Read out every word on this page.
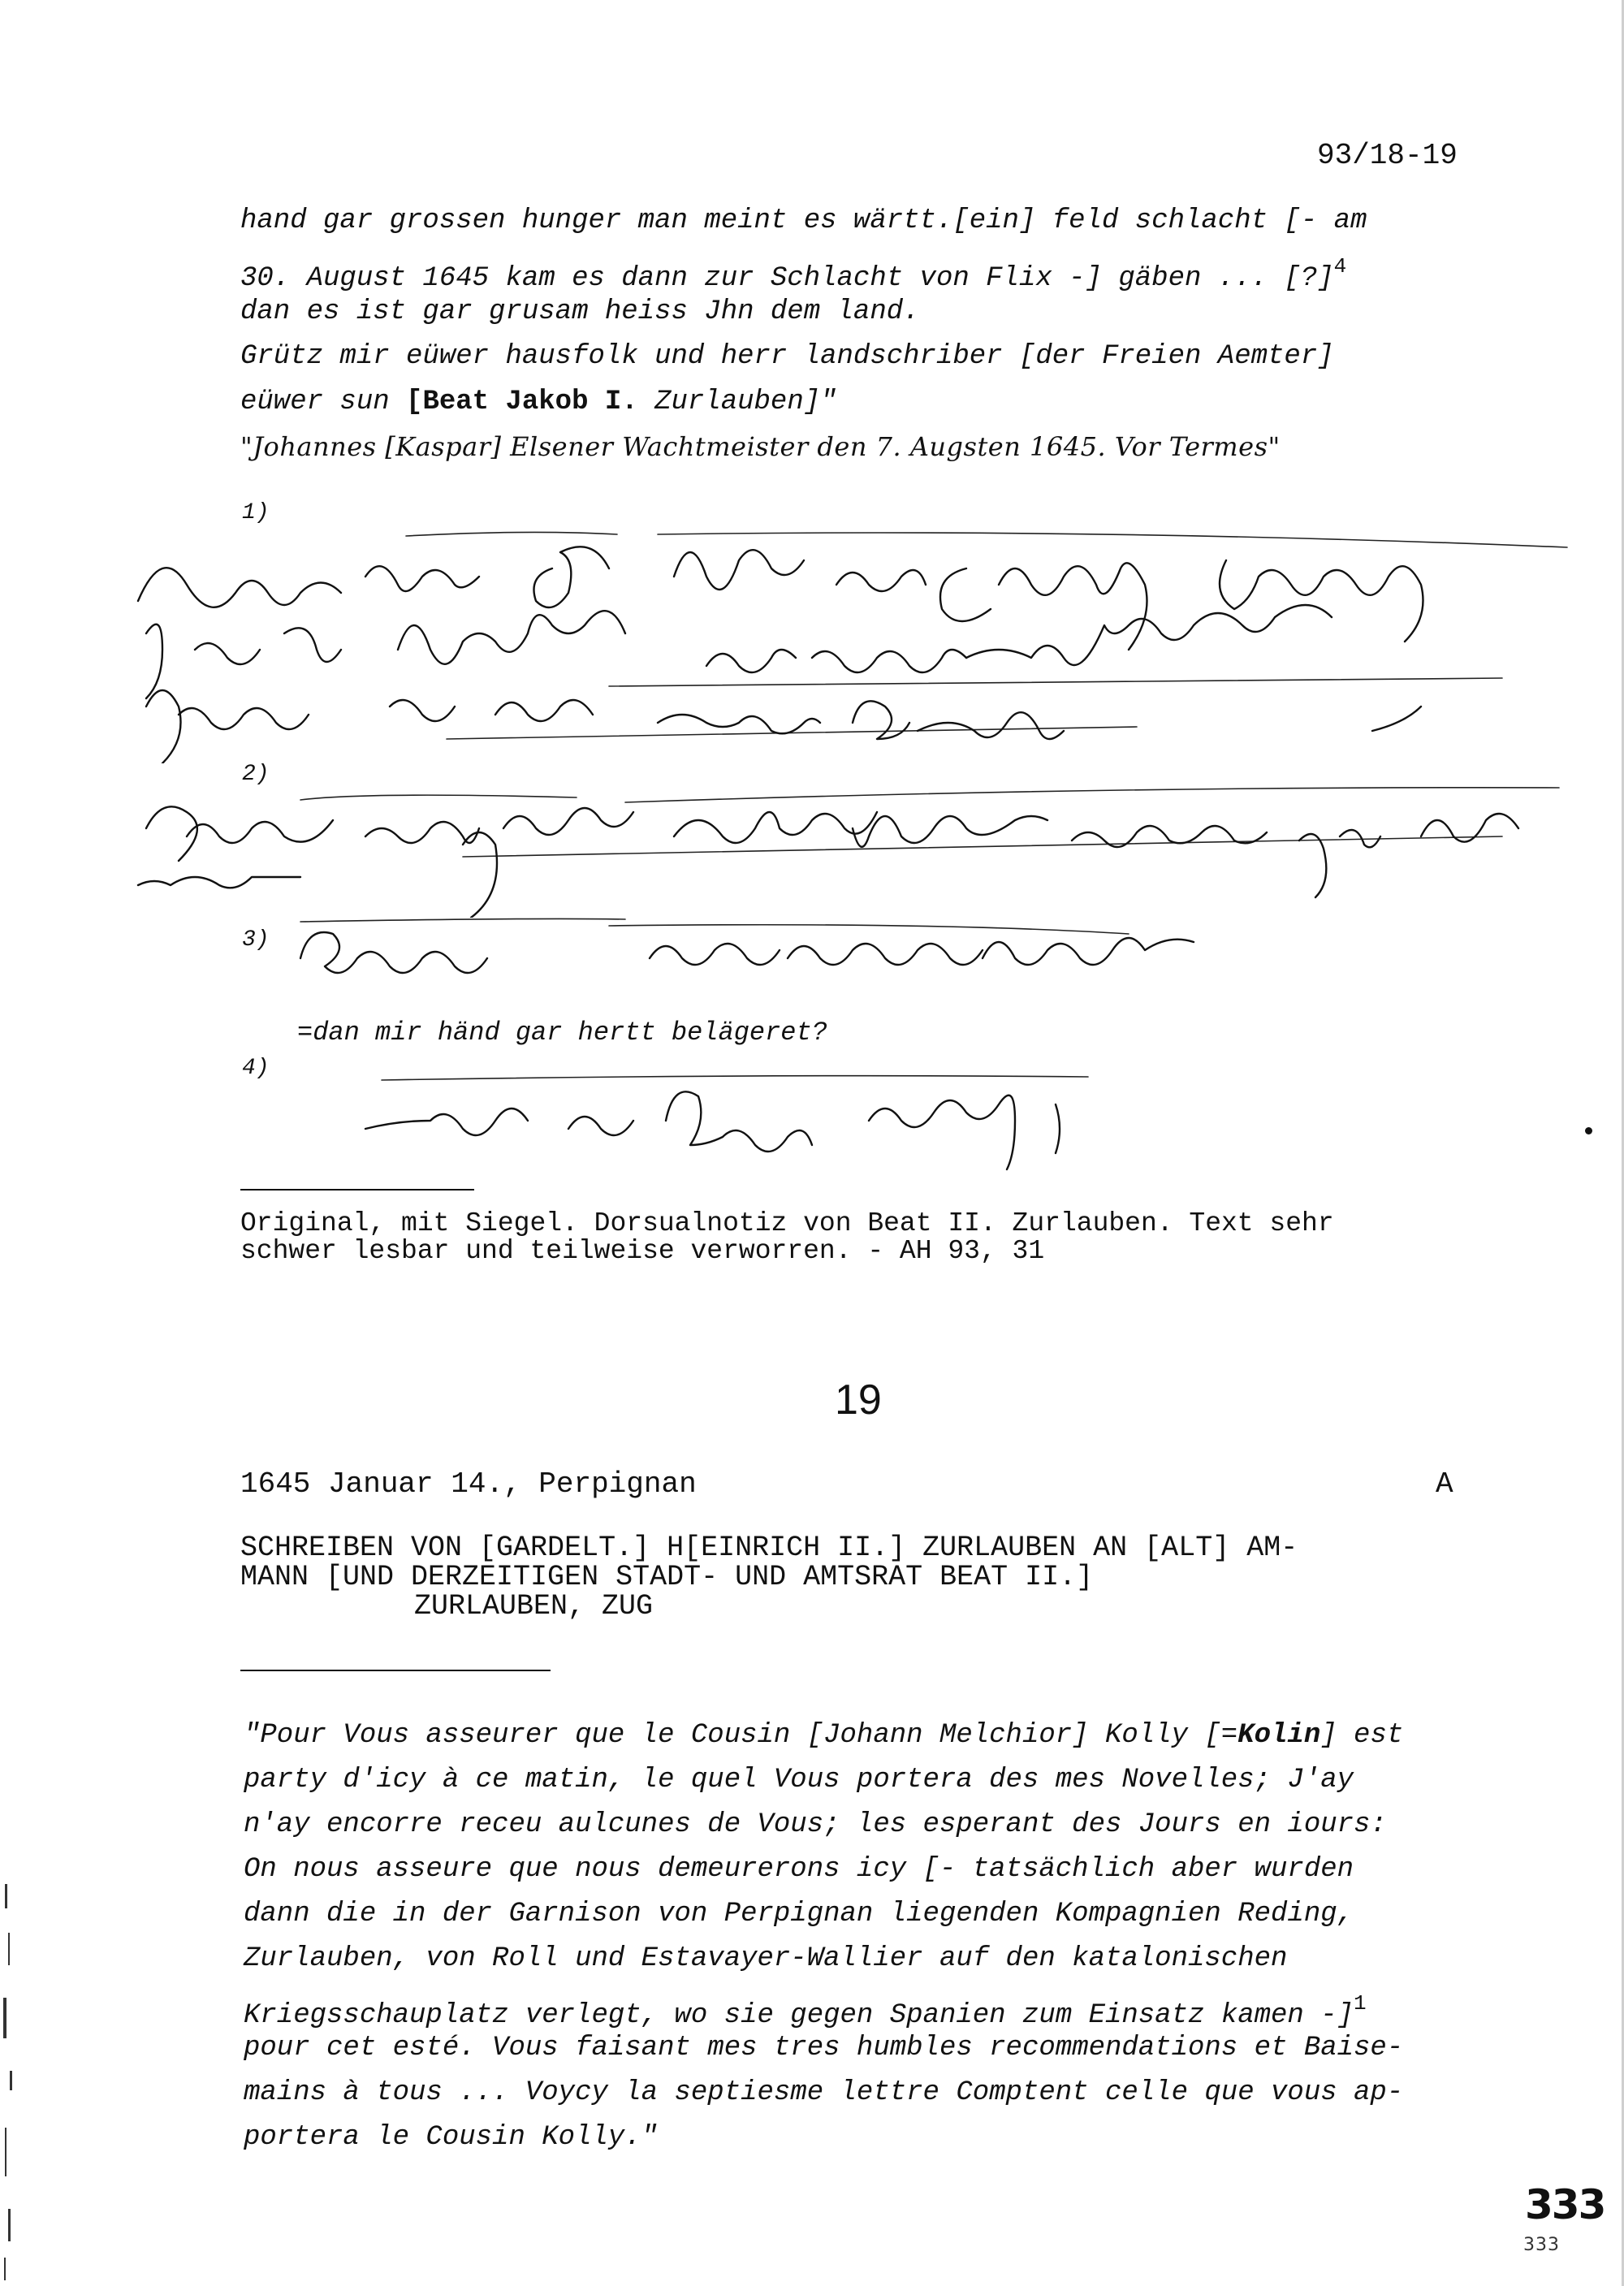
93/18-19
hand gar grossen hunger man meint es wärtt.[ein] feld schlacht [- am
30. August 1645 kam es dann zur Schlacht von Flix -] gäben ... [?]$^4$
dan es ist gar grusam heiss Jhn dem land.
Grütz mir eüwer hausfolk und herr landschriber [der Freien Aemter]
eüwer sun [Beat Jakob I. Zurlauben]"
"Johannes [Kaspar] Elsener Wachtmeister den 7. Augsten 1645. Vor Termes"
1)
2)
3)
=dan mir händ gar hertt belägeret?
4)
Original, mit Siegel. Dorsualnotiz von Beat II. Zurlauben. Text sehr
schwer lesbar und teilweise verworren. - AH 93, 31
19
1645 Januar 14., Perpignan	A
SCHREIBEN VON [GARDELT.] H[EINRICH II.] ZURLAUBEN AN [ALT] AM-
MANN [UND DERZEITIGEN STADT- UND AMTSRAT BEAT II.]
ZURLAUBEN, ZUG
"Pour Vous asseurer que le Cousin [Johann Melchior] Kolly [=Kolin] est
party d'icy à ce matin, le quel Vous portera des mes Novelles; J'ay
n'ay encorre receu aulcunes de Vous; les esperant des Jours en iours:
On nous asseure que nous demeurerons icy [- tatsächlich aber wurden
dann die in der Garnison von Perpignan liegenden Kompagnien Reding,
Zurlauben, von Roll und Estavayer-Wallier auf den katalonischen
Kriegsschauplatz verlegt, wo sie gegen Spanien zum Einsatz kamen -]$^1$
pour cet esté. Vous faisant mes tres humbles recommendations et Baise-
mains à tous ... Voycy la septiesme lettre Comptent celle que vous ap-
portera le Cousin Kolly."
333
333
